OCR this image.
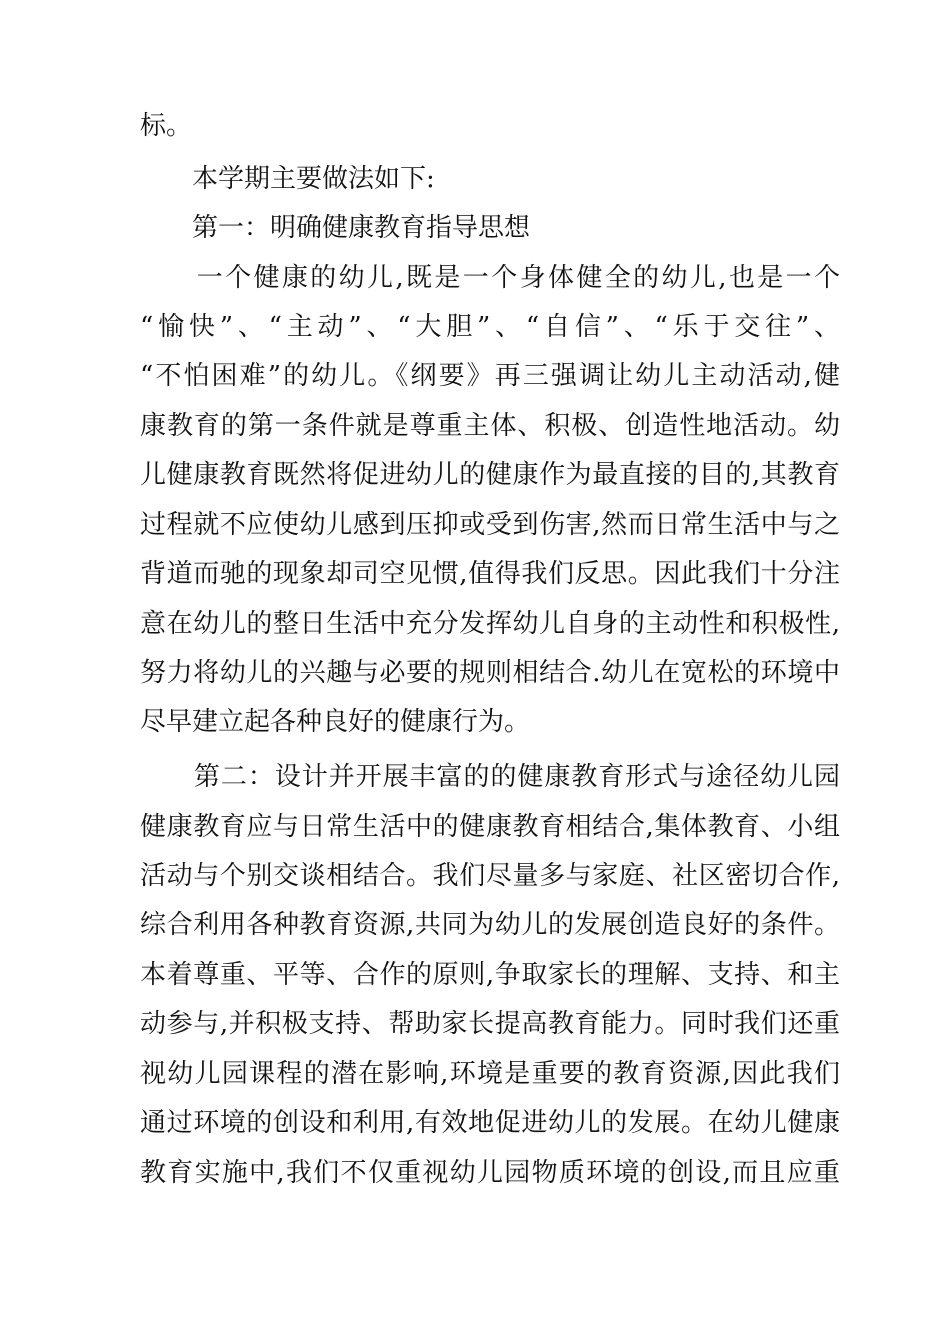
标。
　　本学期主要做法如下:
　　第一：明确健康教育指导思想
　　一个健康的幼儿,既是一个身体健全的幼儿,也是一个
“愉快”、“主动”、“大胆”、“自信”、“乐于交往”、
“不怕困难”的幼儿。《纲要》再三强调让幼儿主动活动,健
康教育的第一条件就是尊重主体、积极、创造性地活动。幼
儿健康教育既然将促进幼儿的健康作为最直接的目的,其教育
过程就不应使幼儿感到压抑或受到伤害,然而日常生活中与之
背道而驰的现象却司空见惯,值得我们反思。因此我们十分注
意在幼儿的整日生活中充分发挥幼儿自身的主动性和积极性,
努力将幼儿的兴趣与必要的规则相结合.幼儿在宽松的环境中
尽早建立起各种良好的健康行为。
　　第二：设计并开展丰富的的健康教育形式与途径幼儿园
健康教育应与日常生活中的健康教育相结合,集体教育、小组
活动与个别交谈相结合。我们尽量多与家庭、社区密切合作,
综合利用各种教育资源,共同为幼儿的发展创造良好的条件。
本着尊重、平等、合作的原则,争取家长的理解、支持、和主
动参与,并积极支持、帮助家长提高教育能力。同时我们还重
视幼儿园课程的潜在影响,环境是重要的教育资源,因此我们
通过环境的创设和利用,有效地促进幼儿的发展。在幼儿健康
教育实施中,我们不仅重视幼儿园物质环境的创设,而且应重
